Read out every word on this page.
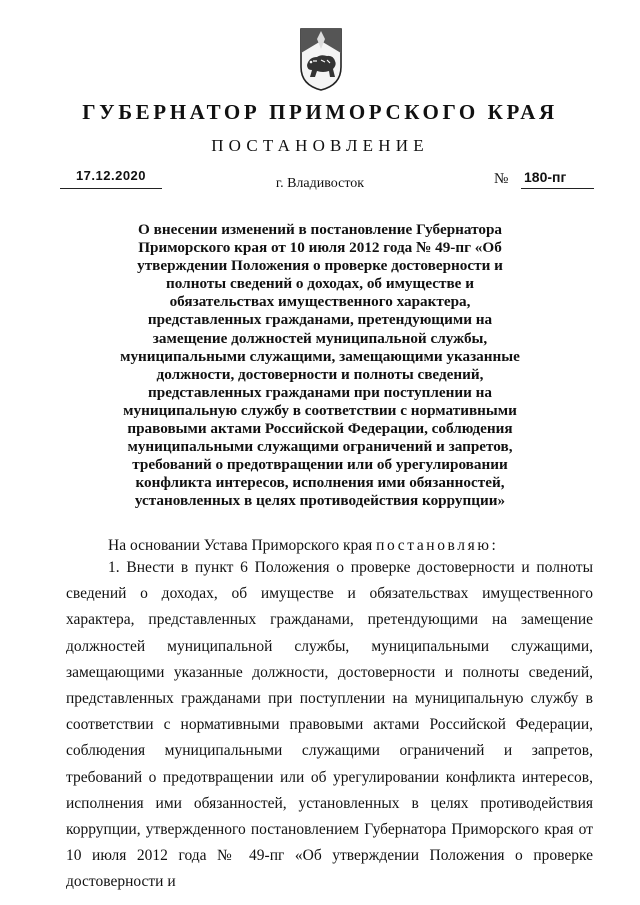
ГУБЕРНАТОР ПРИМОРСКОГО КРАЯ
ПОСТАНОВЛЕНИЕ
17.12.2020
г. Владивосток	№ 180-пг

О внесении изменений в постановление Губернатора Приморского края от 10 июля 2012 года № 49-пг «Об утверждении Положения о проверке достоверности и полноты сведений о доходах, об имуществе и обязательствах имущественного характера, представленных гражданами, претендующими на замещение должностей муниципальной службы, муниципальными служащими, замещающими указанные должности, достоверности и полноты сведений, представленных гражданами при поступлении на муниципальную службу в соответствии с нормативными правовыми актами Российской Федерации, соблюдения муниципальными служащими ограничений и запретов, требований о предотвращении или об урегулировании конфликта интересов, исполнения ими обязанностей, установленных в целях противодействия коррупции»

На основании Устава Приморского края постановляю:

1. Внести в пункт 6 Положения о проверке достоверности и полноты сведений о доходах, об имуществе и обязательствах имущественного характера, представленных гражданами, претендующими на замещение должностей муниципальной службы, муниципальными служащими, замещающими указанные должности, достоверности и полноты сведений, представленных гражданами при поступлении на муниципальную службу в соответствии с нормативными правовыми актами Российской Федерации, соблюдения муниципальными служащими ограничений и запретов, требований о предотвращении или об урегулировании конфликта интересов, исполнения ими обязанностей, установленных в целях противодействия коррупции, утвержденного постановлением Губернатора Приморского края от 10 июля 2012 года № 49-пг «Об утверждении Положения о проверке достоверности и
